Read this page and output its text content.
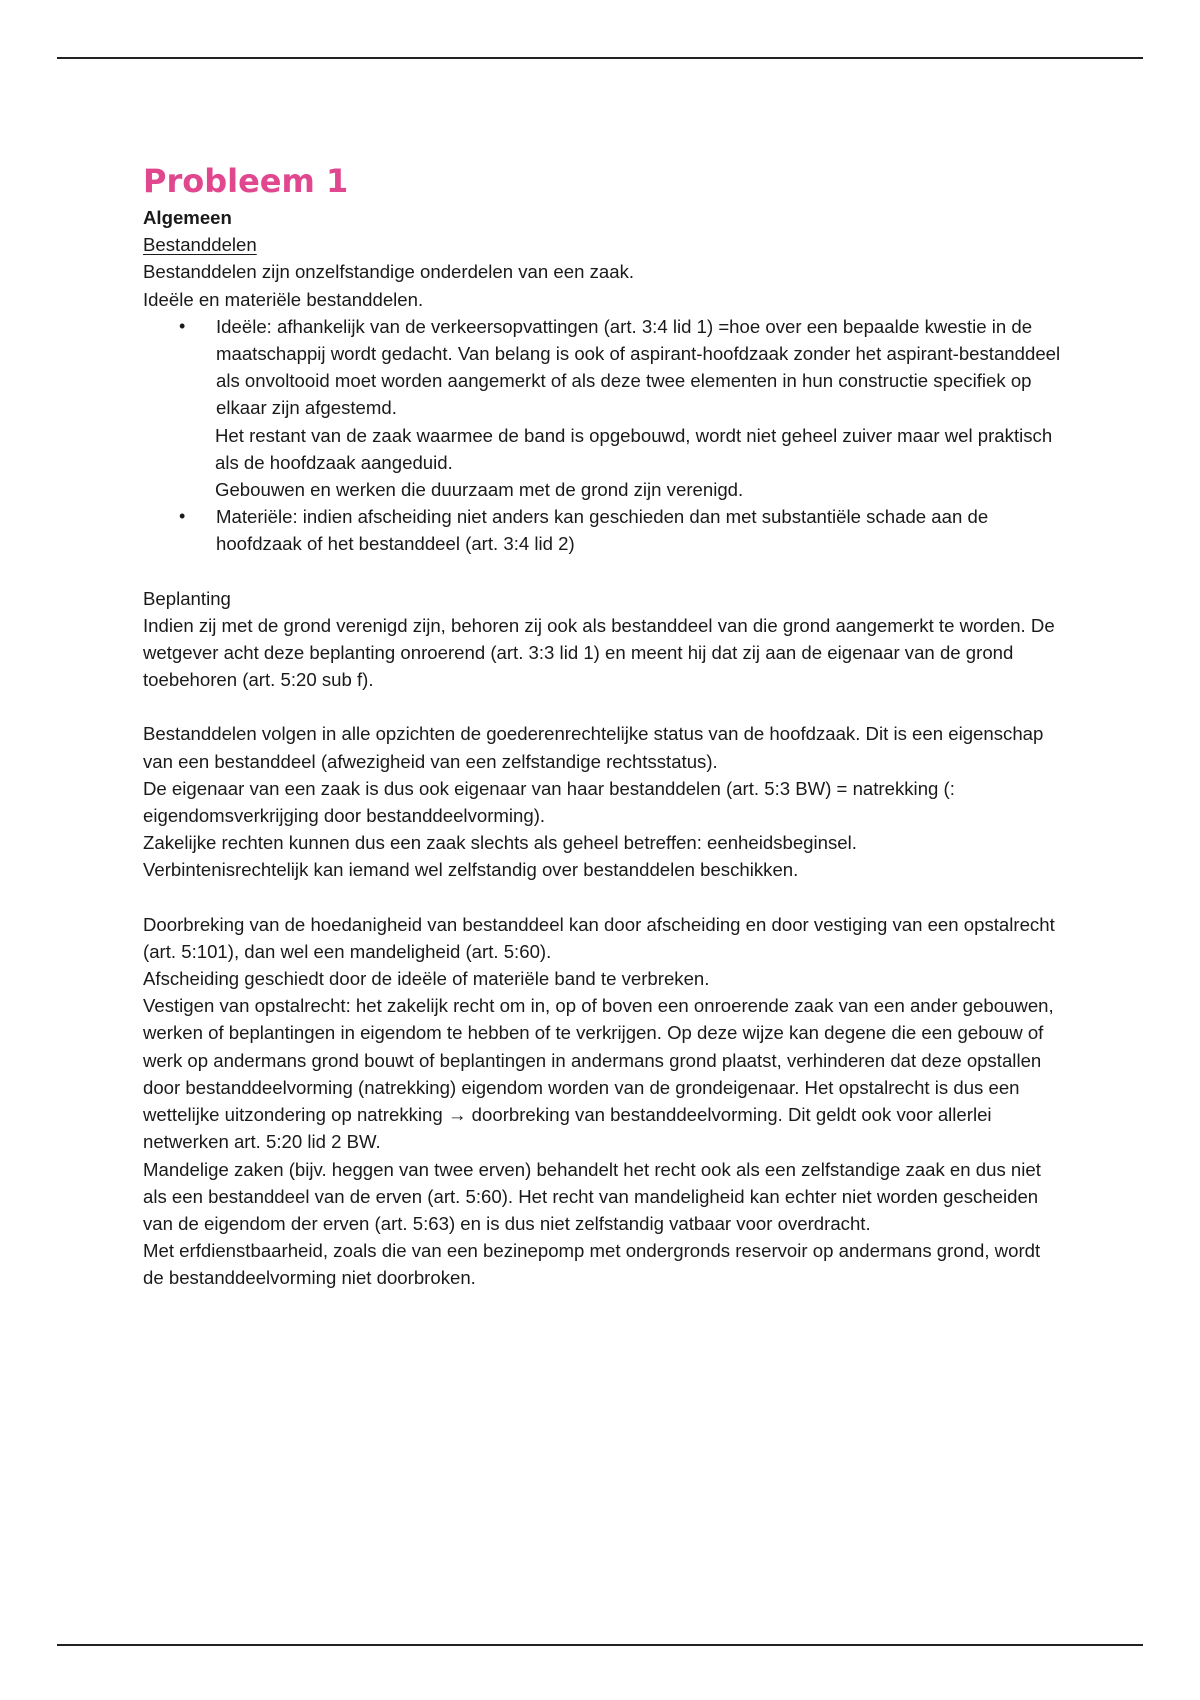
Probleem 1

Algemeen

Bestanddelen

Bestanddelen zijn onzelfstandige onderdelen van een zaak.

Ideële en materiële bestanddelen.

• Ideële: afhankelijk van de verkeersopvattingen (art. 3:4 lid 1) =hoe over een bepaalde kwestie in de maatschappij wordt gedacht. Van belang is ook of aspirant-hoofdzaak zonder het aspirant-bestanddeel als onvoltooid moet worden aangemerkt of als deze twee elementen in hun constructie specifiek op elkaar zijn afgestemd.

Het restant van de zaak waarmee de band is opgebouwd, wordt niet geheel zuiver maar wel praktisch als de hoofdzaak aangeduid.

Gebouwen en werken die duurzaam met de grond zijn verenigd.

• Materiële: indien afscheiding niet anders kan geschieden dan met substantiële schade aan de hoofdzaak of het bestanddeel (art. 3:4 lid 2)

Beplanting

Indien zij met de grond verenigd zijn, behoren zij ook als bestanddeel van die grond aangemerkt te worden. De wetgever acht deze beplanting onroerend (art. 3:3 lid 1) en meent hij dat zij aan de eigenaar van de grond toebehoren (art. 5:20 sub f).

Bestanddelen volgen in alle opzichten de goederenrechtelijke status van de hoofdzaak. Dit is een eigenschap van een bestanddeel (afwezigheid van een zelfstandige rechtsstatus).

De eigenaar van een zaak is dus ook eigenaar van haar bestanddelen (art. 5:3 BW) = natrekking (: eigendomsverkrijging door bestanddeelvorming).

Zakelijke rechten kunnen dus een zaak slechts als geheel betreffen: eenheidsbeginsel.

Verbintenisrechtelijk kan iemand wel zelfstandig over bestanddelen beschikken.

Doorbreking van de hoedanigheid van bestanddeel kan door afscheiding en door vestiging van een opstalrecht (art. 5:101), dan wel een mandeligheid (art. 5:60).

Afscheiding geschiedt door de ideële of materiële band te verbreken.

Vestigen van opstalrecht: het zakelijk recht om in, op of boven een onroerende zaak van een ander gebouwen, werken of beplantingen in eigendom te hebben of te verkrijgen. Op deze wijze kan degene die een gebouw of werk op andermans grond bouwt of beplantingen in andermans grond plaatst, verhinderen dat deze opstallen door bestanddeelvorming (natrekking) eigendom worden van de grondeigenaar. Het opstalrecht is dus een wettelijke uitzondering op natrekking → doorbreking van bestanddeelvorming. Dit geldt ook voor allerlei netwerken art. 5:20 lid 2 BW.

Mandelige zaken (bijv. heggen van twee erven) behandelt het recht ook als een zelfstandige zaak en dus niet als een bestanddeel van de erven (art. 5:60). Het recht van mandeligheid kan echter niet worden gescheiden van de eigendom der erven (art. 5:63) en is dus niet zelfstandig vatbaar voor overdracht.

Met erfdienstbaarheid, zoals die van een bezinepomp met ondergronds reservoir op andermans grond, wordt de bestanddeelvorming niet doorbroken.
